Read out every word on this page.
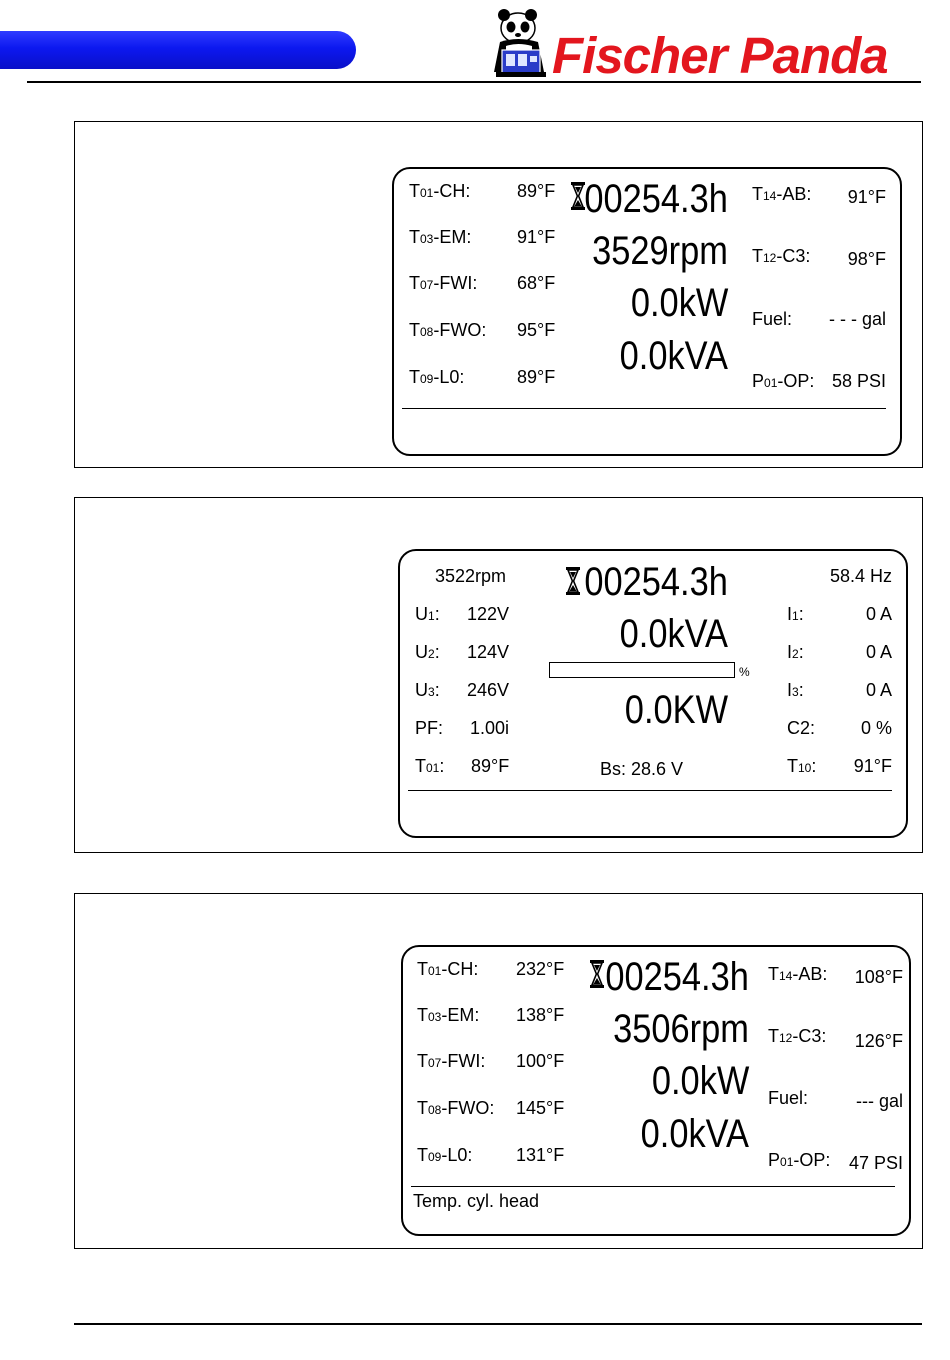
Fischer Panda
T01-CH:	89°F
T03-EM:	91°F
T07-FWI: 68°F
T08-FWO: 95°F
T09-L0:	89°F
00254.3h
3529rpm
0.0kW
0.0kVA
T14-AB: 91°F
T12-C3: 98°F
Fuel: - - - gal
P01-OP: 58 PSI
3522rpm 00254.3h	58.4 Hz
0.0kVA
%
0.0KW
Bs: 28.6 V
U1: 122V
U2: 124V
U3: 246V
PF: 1.00i
T01: 89°F
I1:	0 A
I2:	0 A
I3:	0 A
C2:	0 %
T10: 91°F
T01-CH: 232°F
T03-EM: 138°F
T07-FWI: 100°F
T08-FWO: 145°F
T09-L0: 131°F
00254.3h
3506rpm
0.0kW
0.0kVA
T14-AB: 108°F
T12-C3: 126°F
Fuel:	--- gal
P01-OP: 47 PSI
Temp. cyl. head
